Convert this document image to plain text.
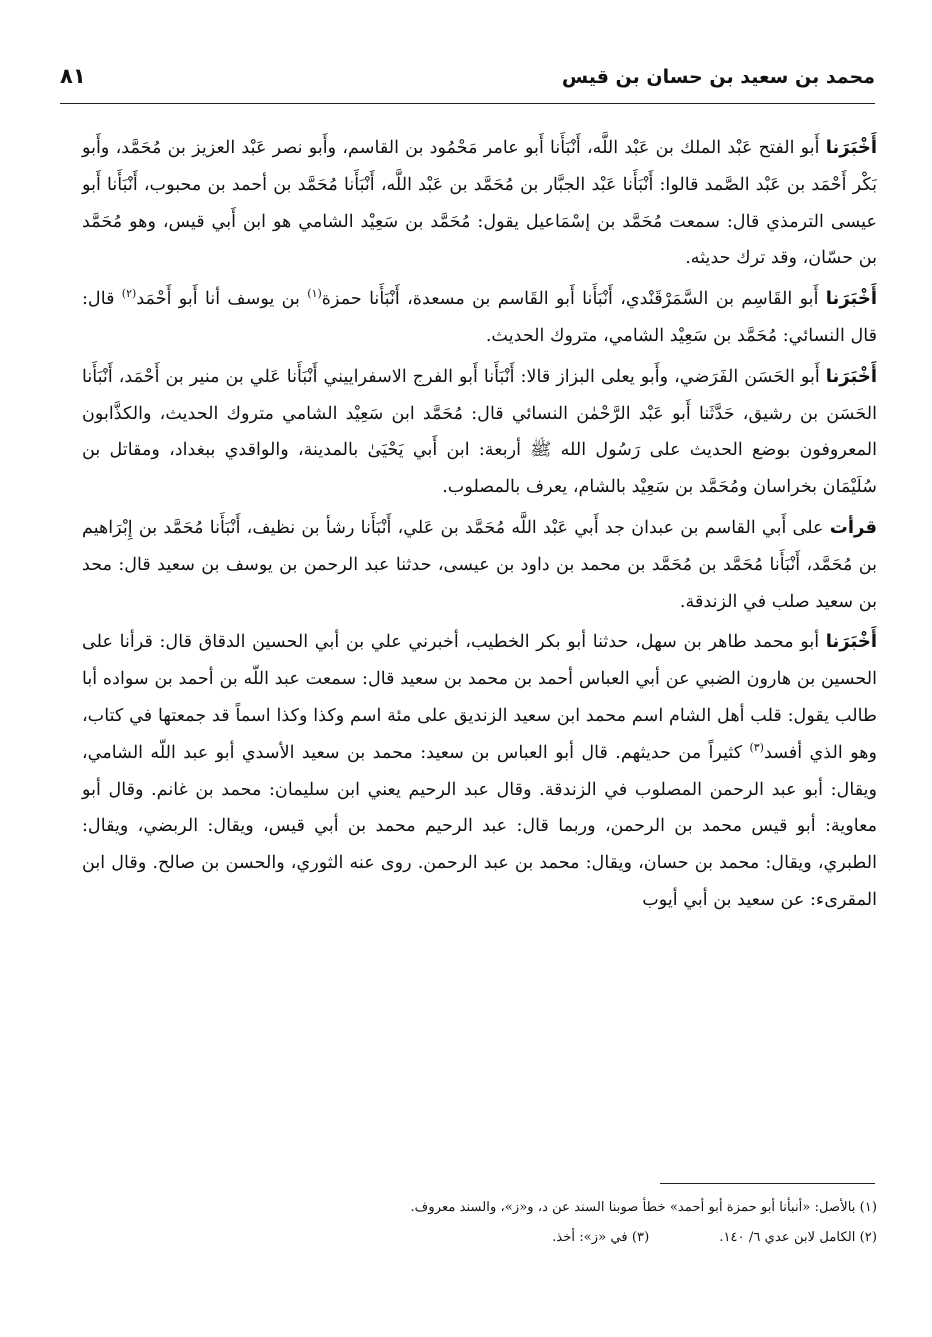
محمد بن سعيد بن حسان بن قيس
٨١

أَخْبَرَنا أَبو الفتح عَبْد الملك بن عَبْد اللَّه، أَنْبَأَنا أَبو عامر مَحْمُود بن القاسم، وأَبو نصر عَبْد العزيز بن مُحَمَّد، وأَبو بَكْر أَحْمَد بن عَبْد الصَّمد قالوا: أَنْبَأَنا عَبْد الجبَّار بن مُحَمَّد بن عَبْد اللَّه، أَنْبَأَنا مُحَمَّد بن أحمد بن محبوب، أَنْبَأَنا أَبو عيسى الترمذي قال: سمعت مُحَمَّد بن إسْمَاعيل يقول: مُحَمَّد بن سَعِيْد الشامي هو ابن أَبي قيس، وهو مُحَمَّد بن حسّان، وقد ترك حديثه.

أَخْبَرَنا أَبو القَاسِم بن السَّمَرْقَنْدي، أَنْبَأَنا أَبو القَاسم بن مسعدة، أَنْبَأَنا حمزة$^{(١)}$ بن يوسف أنا أَبو أَحْمَد$^{(٢)}$ قال: قال النسائي: مُحَمَّد بن سَعِيْد الشامي، متروك الحديث.

أَخْبَرَنا أَبو الحَسَن الفَرَضي، وأَبو يعلى البزاز قالا: أَنْبَأَنا أَبو الفرج الاسفراييني أَنْبَأَنا عَلي بن منير بن أَحْمَد، أَنْبَأَنا الحَسَن بن رشيق، حَدَّثَنا أَبو عَبْد الرَّحْمٰن النسائي قال: مُحَمَّد ابن سَعِيْد الشامي متروك الحديث، والكذَّابون المعروفون بوضع الحديث على رَسُول الله ﷺ أربعة: ابن أَبي يَحْيَىٰ بالمدينة، والواقدي ببغداد، ومقاتل بن سُلَيْمَان بخراسان ومُحَمَّد بن سَعِيْد بالشام، يعرف بالمصلوب.

قرأت على أَبي القاسم بن عبدان جد أَبي عَبْد اللَّه مُحَمَّد بن عَلي، أَنْبَأَنا رشأ بن نظيف، أَنْبَأَنا مُحَمَّد بن إِبْرَاهيم بن مُحَمَّد، أَنْبَأَنا مُحَمَّد بن مُحَمَّد بن محمد بن داود بن عيسى، حدثنا عبد الرحمن بن يوسف بن سعيد قال: محد بن سعيد صلب في الزندقة.

أَخْبَرَنا أبو محمد طاهر بن سهل، حدثنا أبو بكر الخطيب، أخبرني علي بن أبي الحسين الدقاق قال: قرأنا على الحسين بن هارون الضبي عن أبي العباس أحمد بن محمد بن سعيد قال: سمعت عبد اللّه بن أحمد بن سواده أبا طالب يقول: قلب أهل الشام اسم محمد ابن سعيد الزنديق على مئة اسم وكذا وكذا اسماً قد جمعتها في كتاب، وهو الذي أفسد$^{(٣)}$ كثيراً من حديثهم. قال أبو العباس بن سعيد: محمد بن سعيد الأسدي أبو عبد اللّه الشامي، ويقال: أبو عبد الرحمن المصلوب في الزندقة. وقال عبد الرحيم يعني ابن سليمان: محمد بن غانم. وقال أبو معاوية: أبو قيس محمد بن الرحمن، وربما قال: عبد الرحيم محمد بن أبي قيس، ويقال: الربضي، ويقال: الطبري، ويقال: محمد بن حسان، ويقال: محمد بن عبد الرحمن. روى عنه الثوري، والحسن بن صالح. وقال ابن المقرىء: عن سعيد بن أبي أيوب

(١) بالأصل: «أنبأنا أبو حمزة أبو أحمد» خطأ صوبنا السند عن د، و«ز»، والسند معروف.
(٢) الكامل لابن عدي ٦/ ١٤٠.(٣) في «ز»: أخذ.
